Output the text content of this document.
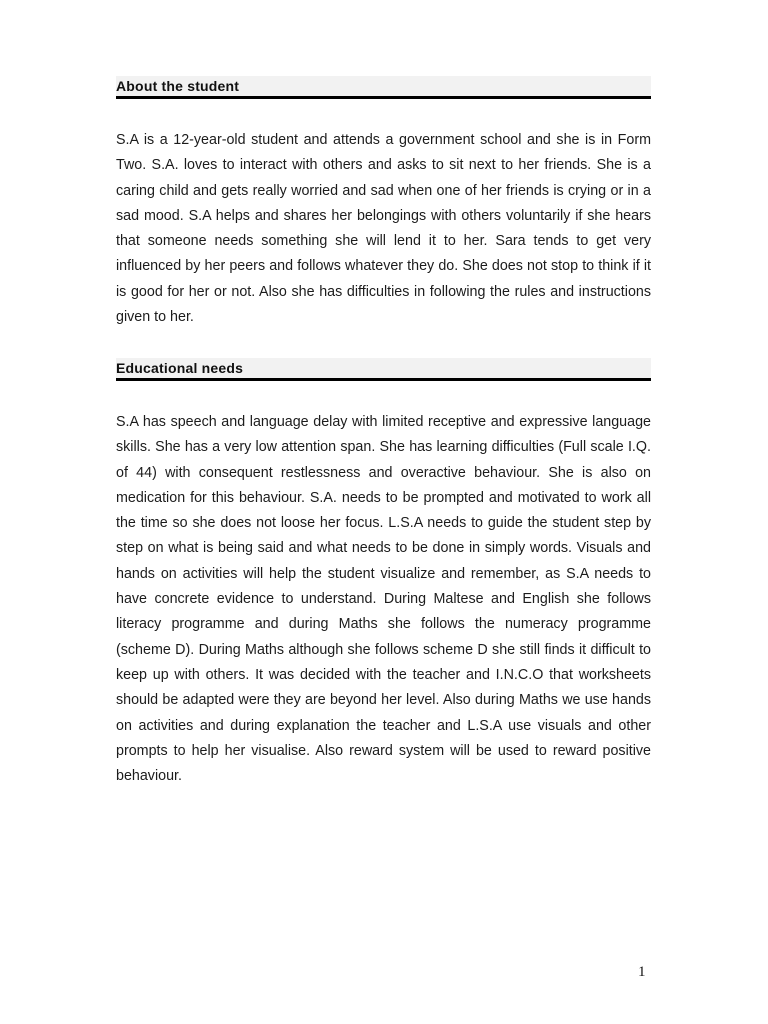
About the student

S.A is a 12-year-old student and attends a government school and she is in Form Two. S.A. loves to interact with others and asks to sit next to her friends. She is a caring child and gets really worried and sad when one of her friends is crying or in a sad mood. S.A helps and shares her belongings with others voluntarily if she hears that someone needs something she will lend it to her. Sara tends to get very influenced by her peers and follows whatever they do. She does not stop to think if it is good for her or not. Also she has difficulties in following the rules and instructions given to her.

Educational needs

S.A has speech and language delay with limited receptive and expressive language skills. She has a very low attention span. She has learning difficulties (Full scale I.Q. of 44) with consequent restlessness and overactive behaviour. She is also on medication for this behaviour. S.A. needs to be prompted and motivated to work all the time so she does not loose her focus. L.S.A needs to guide the student step by step on what is being said and what needs to be done in simply words. Visuals and hands on activities will help the student visualize and remember, as S.A needs to have concrete evidence to understand. During Maltese and English she follows literacy programme and during Maths she follows the numeracy programme (scheme D). During Maths although she follows scheme D she still finds it difficult to keep up with others. It was decided with the teacher and I.N.C.O that worksheets should be adapted were they are beyond her level. Also during Maths we use hands on activities and during explanation the teacher and L.S.A use visuals and other prompts to help her visualise. Also reward system will be used to reward positive behaviour.

1
